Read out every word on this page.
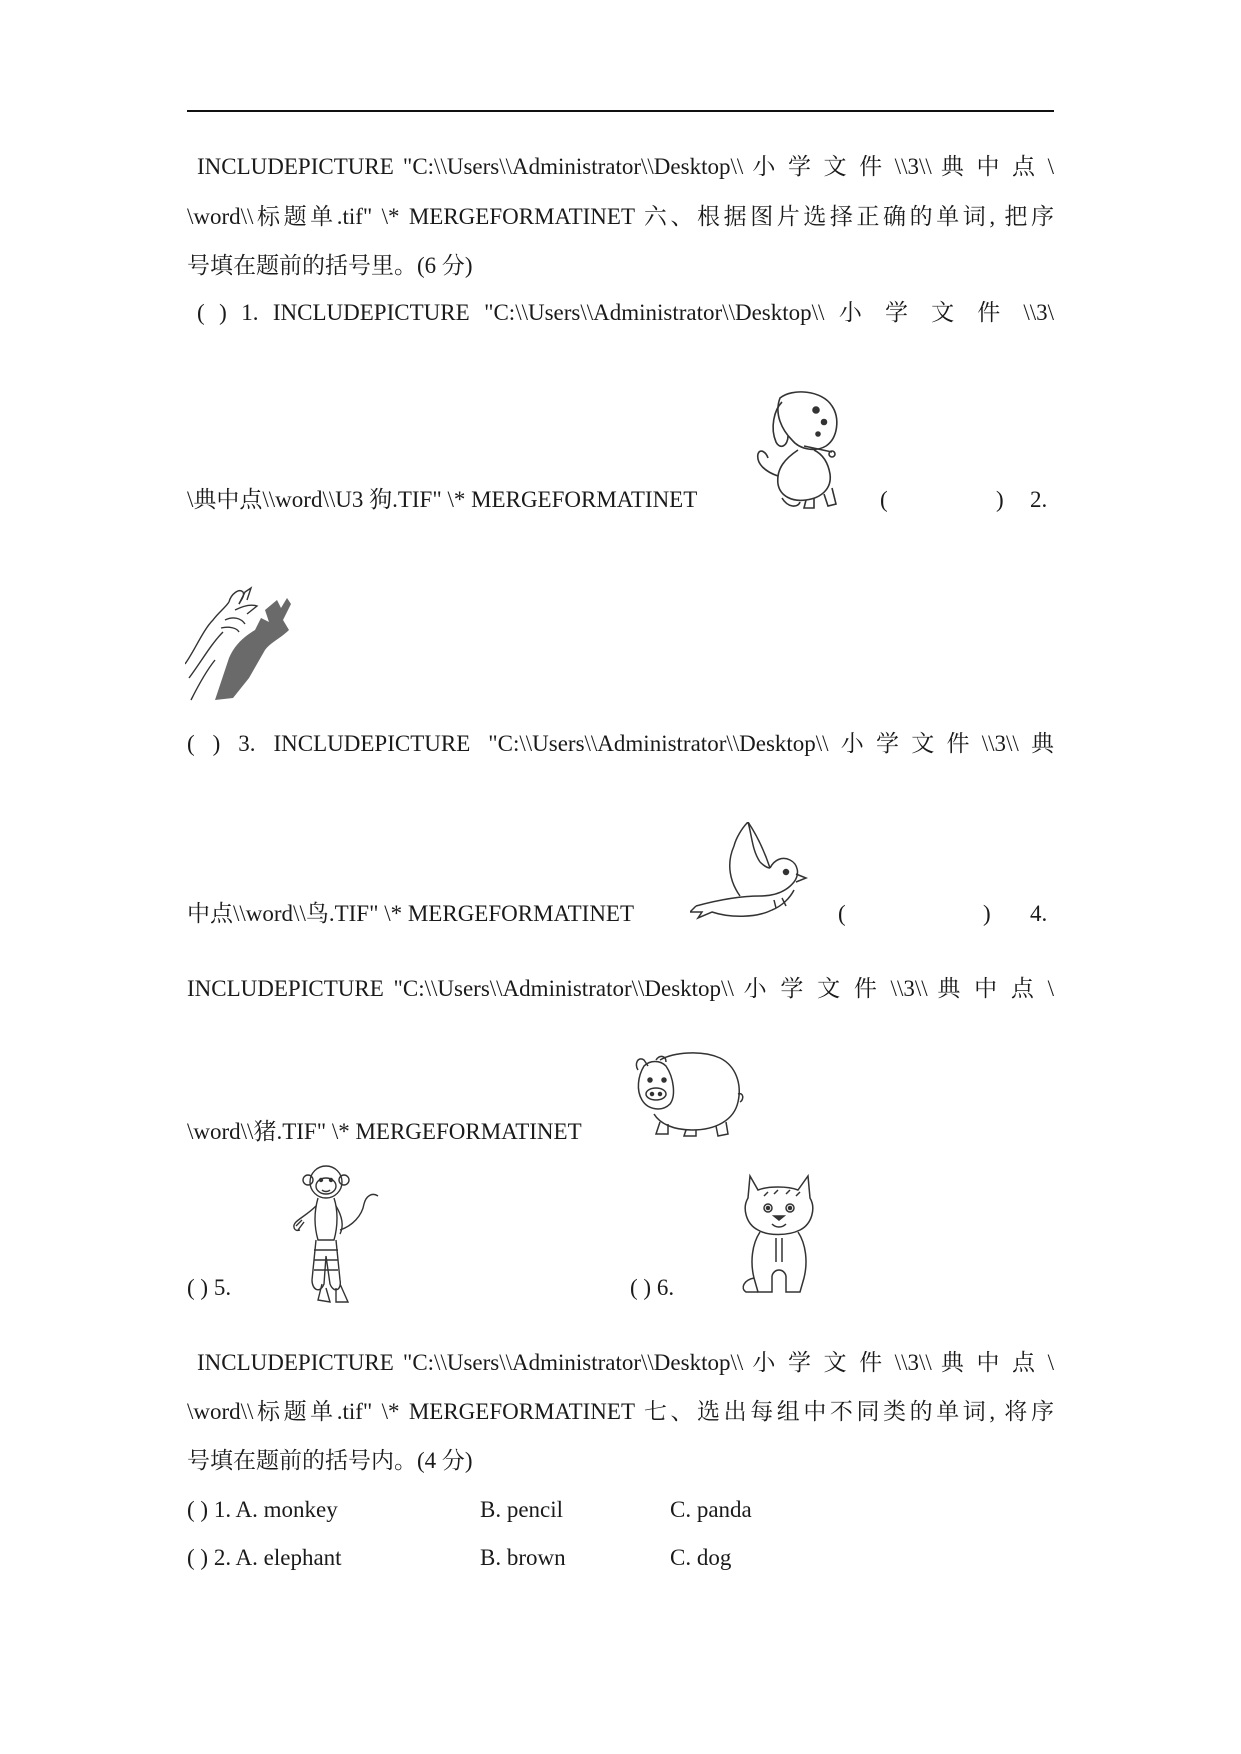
INCLUDEPICTURE "C:\\Users\\Administrator\\Desktop\\ 小 学 文 件 \\3\\ 典 中 点 \
\word\\标题单.tif" \* MERGEFORMATINET 六、根据图片选择正确的单词, 把序
号填在题前的括号里。(6 分)
( ) 1. INCLUDEPICTURE "C:\\Users\\Administrator\\Desktop\\ 小 学 文 件 \\3\
\典中点\\word\\U3 狗.TIF" \* MERGEFORMATINET	(	) 2.
( ) 3. INCLUDEPICTURE "C:\\Users\\Administrator\\Desktop\\小学文件\\3\\典
中点\\word\\鸟.TIF" \* MERGEFORMATINET	(	) 4.
INCLUDEPICTURE "C:\\Users\\Administrator\\Desktop\\ 小 学 文 件 \\3\\ 典 中 点 \
\word\\猪.TIF" \* MERGEFORMATINET
( ) 5.	( ) 6.
INCLUDEPICTURE "C:\\Users\\Administrator\\Desktop\\ 小 学 文 件 \\3\\ 典 中 点 \
\word\\标题单.tif" \* MERGEFORMATINET 七、选出每组中不同类的单词, 将序
号填在题前的括号内。(4 分)
( ) 1. A. monkey	B. pencil	C. panda
( ) 2. A. elephant	B. brown	C. dog
